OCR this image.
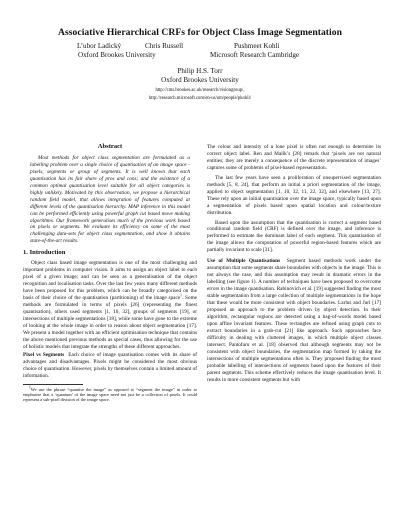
Associative Hierarchical CRFs for Object Class Image Segmentation
L’ubor Ladický	Chris Russell	Pushmeet Kohli
Oxford Brookes University	Microsoft Research Cambridge
Philip H.S. Torr
Oxford Brookes University
http://cms.brookes.ac.uk/research/visiongroup/,
http://research.microsoft.com/en-us/um/people/pkohli/
Abstract

Most methods for object class segmentation are formulated as a labelling problem over a single choice of quantisation of an image space - pixels, segments or group of segments. It is well known that each quantisation has its fair share of pros and cons; and the existence of a common optimal quantisation level suitable for all object categories is highly unlikely. Motivated by this observation, we propose a hierarchical random field model, that allows integration of features computed at different levels of the quantisation hierarchy. MAP inference in this model can be performed efficiently using powerful graph cut based move making algorithms. Our framework generalises much of the previous work based on pixels or segments. We evaluate its efficiency on some of the most challenging data-sets for object class segmentation, and show it obtains state-of-the-art results.

1. Introduction

Object class based image segmentation is one of the most challenging and important problems in computer vision. It aims to assign an object label to each pixel of a given image; and can be seen as a generalisation of the object recognition and localisation tasks. Over the last few years many different methods have been proposed for this problem, which can be broadly categorised on the basis of their choice of the quantisation (partitioning) of the image space$^1$. Some methods are formulated in terms of pixels [26] (representing the finest quantisation), others used segments [1, 10, 32], groups of segments [19], or intersections of multiple segmentations [18], while some have gone to the extreme of looking at the whole image in order to reason about object segmentation [17]. We present a model together with an efficient optimisation technique that contains the above mentioned previous methods as special cases, thus allowing for the use of holistic models that integrate the strengths of these different approaches.

Pixel vs Segments Each choice of image quantisation comes with its share of advantages and disadvantages. Pixels might be considered the most obvious choice of quantisation. However, pixels by themselves contain a limited amount of information.

$^1$We use the phrase “quantise the image” as opposed to “segment the image” in order to emphasise that a ‘quantum’ of the image space need not just be a collection of pixels. It could represent a sub-pixel division of the image space.

The colour and intensity of a lone pixel is often not enough to determine its correct object label. Ren and Malik’s [28] remark that ‘pixels are not natural entities; they are merely a consequence of the discrete representation of images’ captures some of problems of pixel-based representation.

The last few years have seen a proliferation of unsupervised segmentation methods [5, 8, 24], that perform an initial a priori segmentation of the image, applied to object segmentation [1, 10, 32, 11, 22, 32], and elsewhere [13, 27]. These rely upon an initial quantisation over the image space, typically based upon a segmentation of pixels based upon spatial location and colour/texture distribution.

Based upon the assumption that the quantisation is correct a segment based conditional random field (CRF) is defined over the image, and inference is performed to estimate the dominant label of each segment. This quantisation of the image allows the computation of powerful region-based features which are partially invariant to scale [31].

Use of Multiple Quantisations Segment based methods work under the assumption that some segments share boundaries with objects in the image. This is not always the case, and this assumption may result in dramatic errors in the labelling (see figure 1). A number of techniques have been proposed to overcome errors in the image quantisation. Rabinovich et al. [19] suggested finding the most stable segmentation from a large collection of multiple segmentations in the hope that these would be more consistent with object boundaries. Larlus and Jurl [17] proposed an approach to the problem driven by object detection. In their algorithm, rectangular regions are detected using a bag-of-words model based upon affine invariant features. These rectangles are refined using graph cuts to extract boundaries in a grab-cut [21] like approach. Such approaches face difficulty in dealing with cluttered images, in which multiple object classes intersect. Pantofaru et al. [18] observed that although segments may not be consistent with object boundaries, the segmentation map formed by taking the intersections of multiple segmentations often is. They proposed finding the most probable labelling of intersections of segments based upon the features of their parent segments. This scheme effectively reduces the image quantisation level. It results in more consistent segments but with
